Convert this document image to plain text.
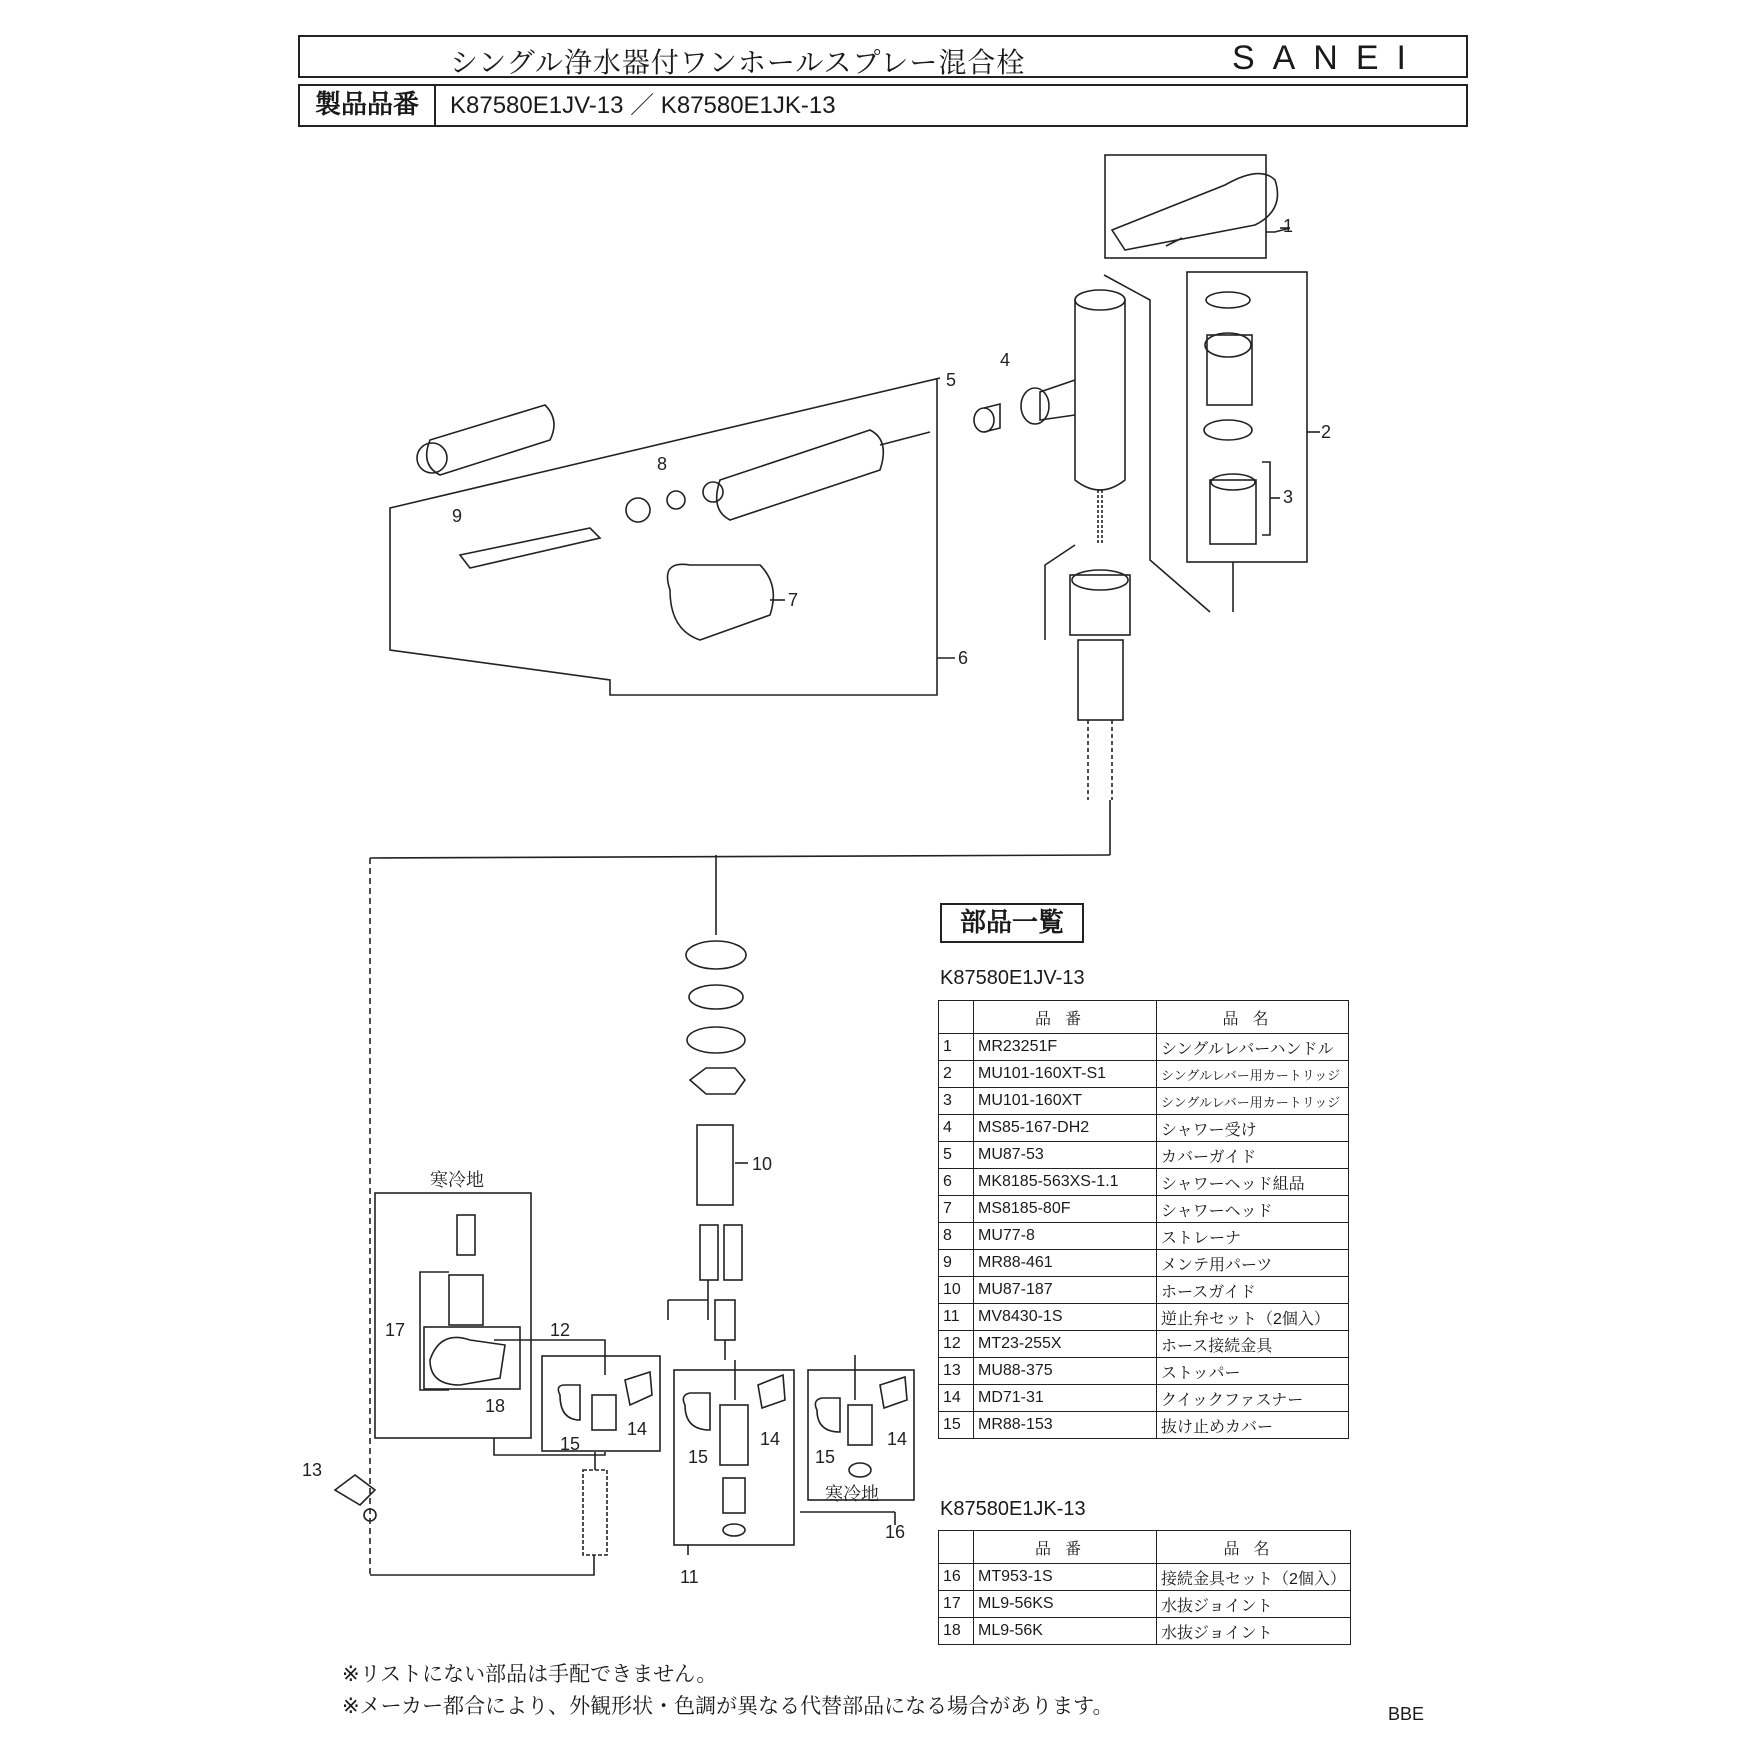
シングル浄水器付ワンホールスプレー混合栓	SANEI
製品品番	K87580E1JV-13 ／ K87580E1JK-13
寒冷地
寒冷地
1
2
3
4
5
6
7
8
9
10
11
12
13
14	14	14
15
15	15
16
17
18
部品一覧
K87580E1JV-13
	品番	品名
1	MR23251F	シングルレバーハンドル
2	MU101-160XT-S1	シングルレバー用カートリッジ
3	MU101-160XT	シングルレバー用カートリッジ
4	MS85-167-DH2	シャワー受け
5	MU87-53	カバーガイド
6	MK8185-563XS-1.1	シャワーヘッド組品
7	MS8185-80F	シャワーヘッド
8	MU77-8	ストレーナ
9	MR88-461	メンテ用パーツ
10	MU87-187	ホースガイド
11	MV8430-1S	逆止弁セット（2個入）
12	MT23-255X	ホース接続金具
13	MU88-375	ストッパー
14	MD71-31	クイックファスナー
15	MR88-153	抜け止めカバー
K87580E1JK-13
	品番	品名
16	MT953-1S	接続金具セット（2個入）
17	ML9-56KS	水抜ジョイント
18	ML9-56K	水抜ジョイント
※リストにない部品は手配できません。
※メーカー都合により、外観形状・色調が異なる代替部品になる場合があります。	BBE
